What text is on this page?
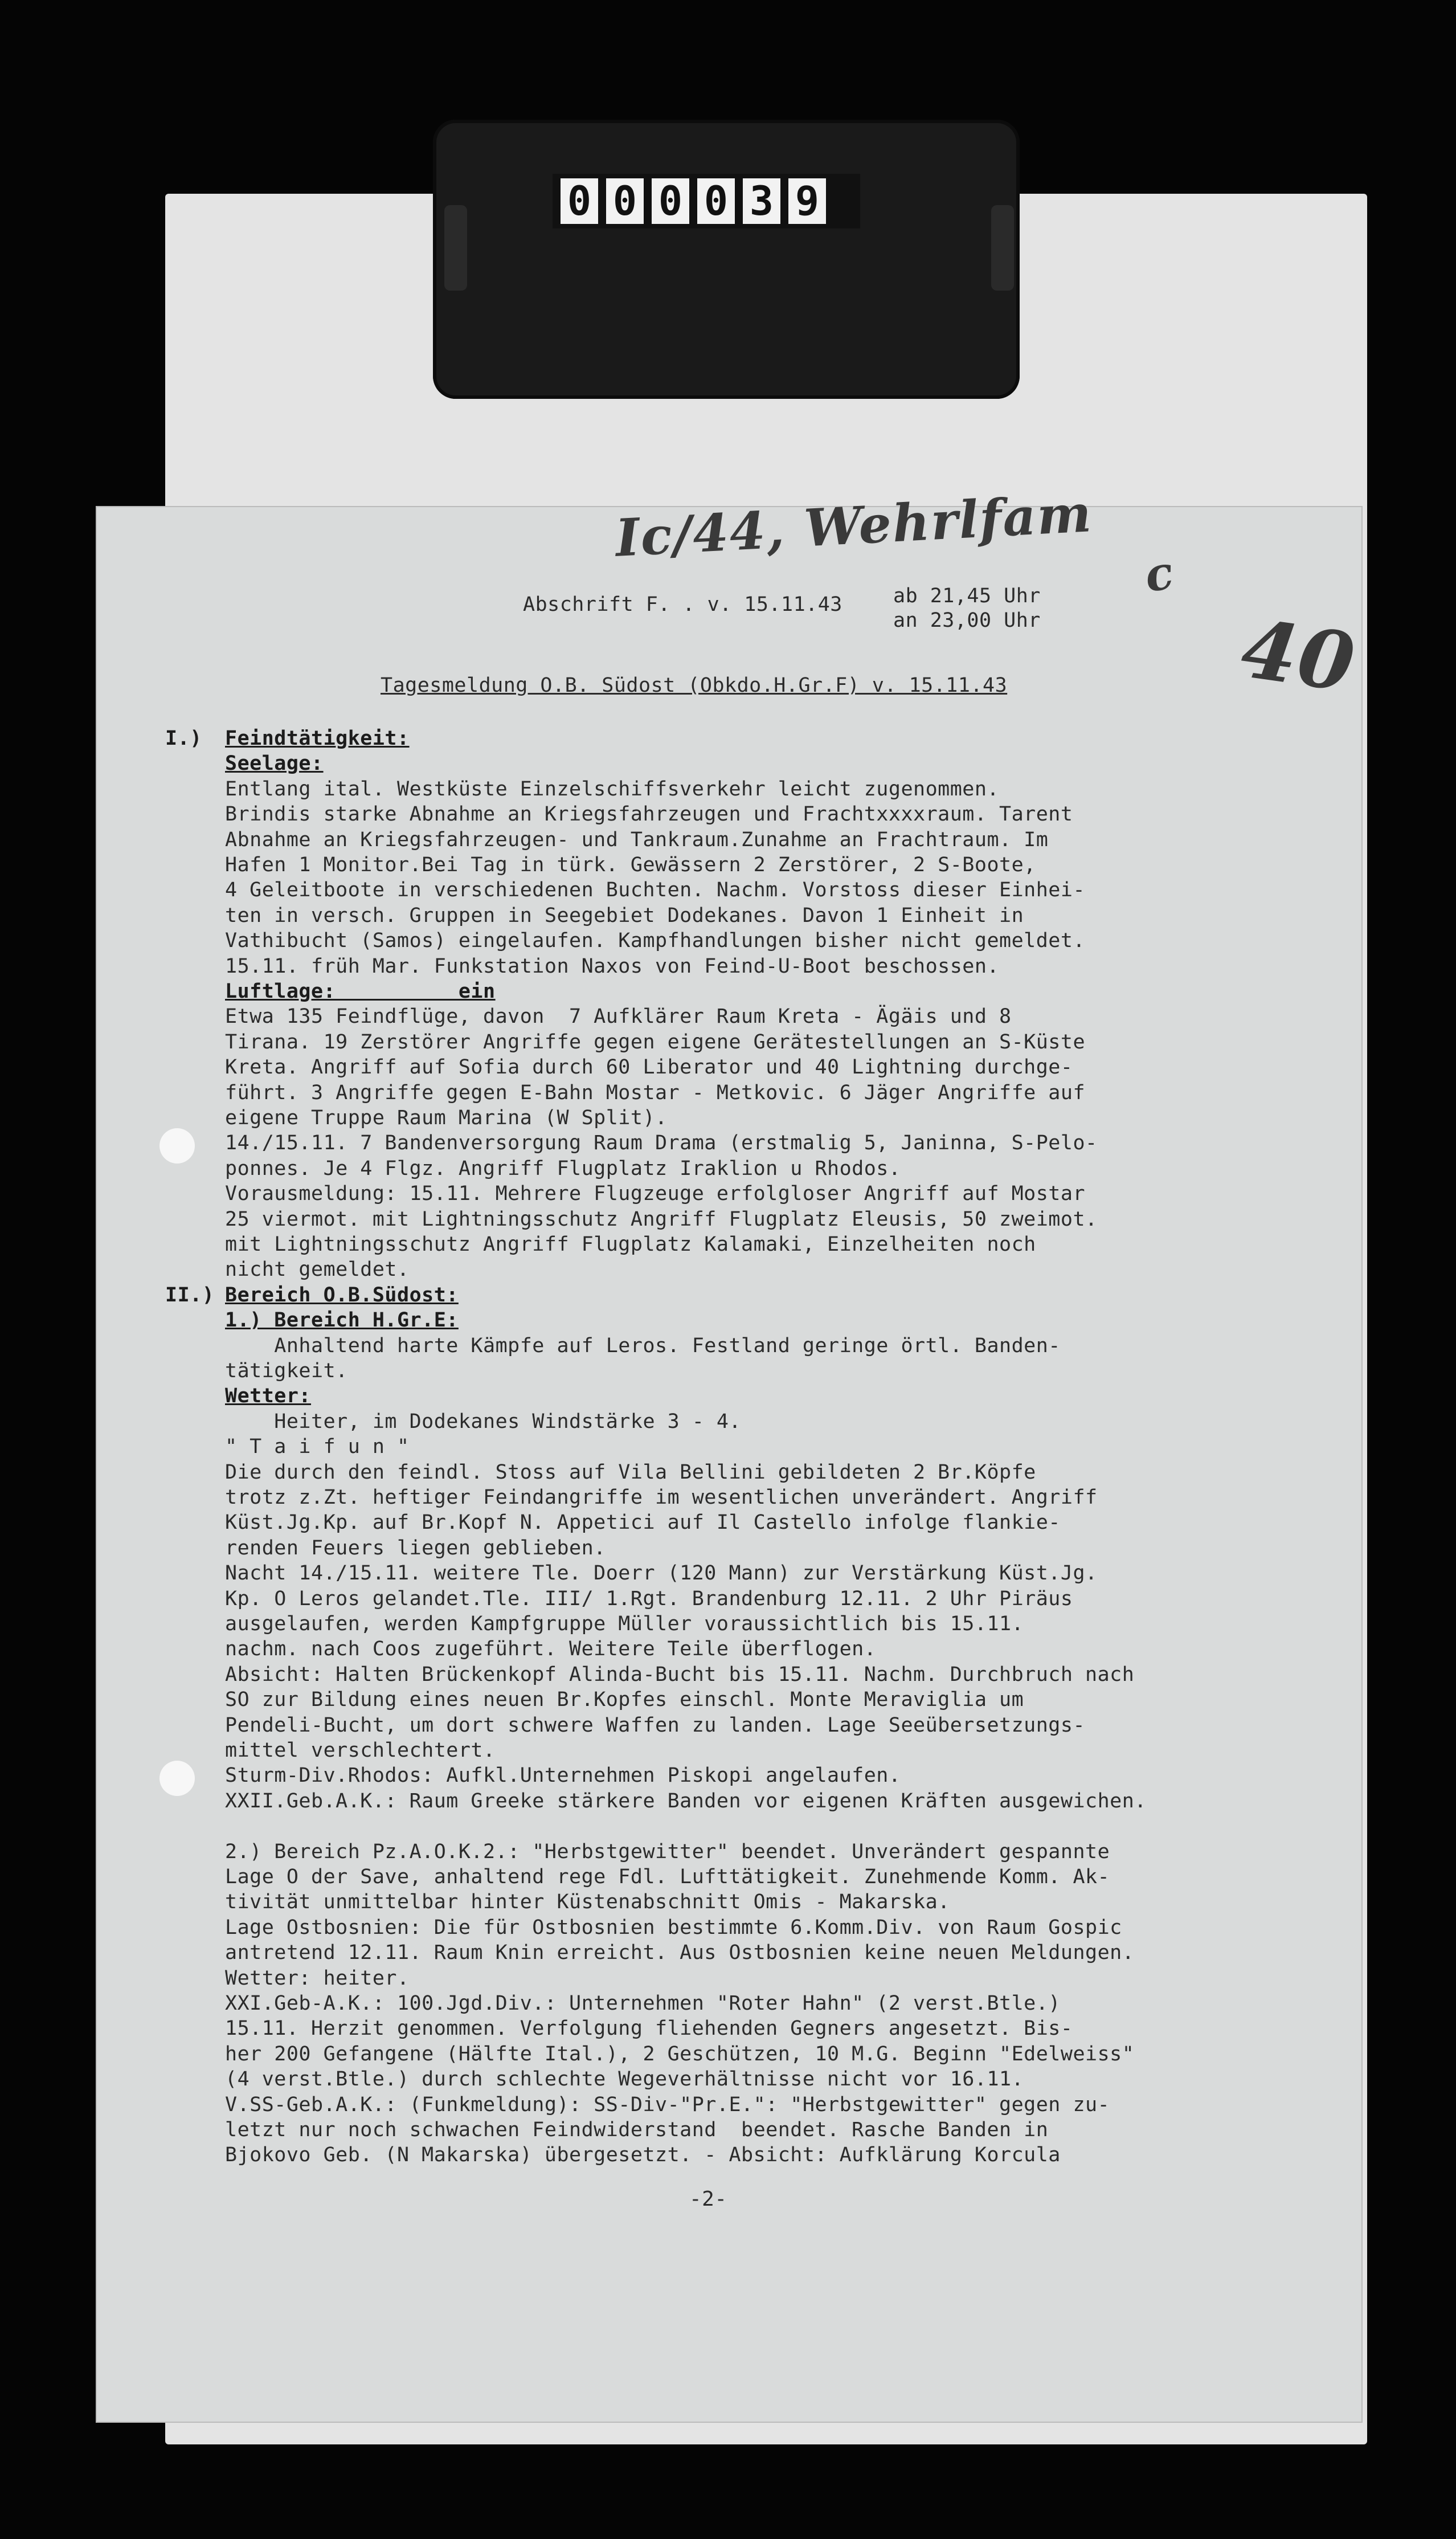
0 0 0 0 3 9
Ic/44, Wehrlfam
c
40
Abschrift F. . v. 15.11.43	ab 21,45 Uhr
an 23,00 Uhr
Tagesmeldung O.B. Südost (Obkdo.H.Gr.F) v. 15.11.43
I.) Feindtätigkeit:
Seelage:
Entlang ital. Westküste Einzelschiffsverkehr leicht zugenommen.
Brindis starke Abnahme an Kriegsfahrzeugen und Frachtxxxxraum. Tarent
Abnahme an Kriegsfahrzeugen- und Tankraum.Zunahme an Frachtraum. Im
Hafen 1 Monitor.Bei Tag in türk. Gewässern 2 Zerstörer, 2 S-Boote,
4 Geleitboote in verschiedenen Buchten. Nachm. Vorstoss dieser Einhei-
ten in versch. Gruppen in Seegebiet Dodekanes. Davon 1 Einheit in
Vathibucht (Samos) eingelaufen. Kampfhandlungen bisher nicht gemeldet.
15.11. früh Mar. Funkstation Naxos von Feind-U-Boot beschossen.
Luftlage:          ein
Etwa 135 Feindflüge, davon  7 Aufklärer Raum Kreta - Ägäis und 8
Tirana. 19 Zerstörer Angriffe gegen eigene Gerätestellungen an S-Küste
Kreta. Angriff auf Sofia durch 60 Liberator und 40 Lightning durchge-
führt. 3 Angriffe gegen E-Bahn Mostar - Metkovic. 6 Jäger Angriffe auf
eigene Truppe Raum Marina (W Split).
14./15.11. 7 Bandenversorgung Raum Drama (erstmalig 5, Janinna, S-Pelo-
ponnes. Je 4 Flgz. Angriff Flugplatz Iraklion u Rhodos.
Vorausmeldung: 15.11. Mehrere Flugzeuge erfolgloser Angriff auf Mostar
25 viermot. mit Lightningsschutz Angriff Flugplatz Eleusis, 50 zweimot.
mit Lightningsschutz Angriff Flugplatz Kalamaki, Einzelheiten noch
nicht gemeldet.
II.) Bereich O.B.Südost:
1.) Bereich H.Gr.E:
Anhaltend harte Kämpfe auf Leros. Festland geringe örtl. Banden-
tätigkeit.
Wetter:
Heiter, im Dodekanes Windstärke 3 - 4.
" T a i f u n "
Die durch den feindl. Stoss auf Vila Bellini gebildeten 2 Br.Köpfe
trotz z.Zt. heftiger Feindangriffe im wesentlichen unverändert. Angriff
Küst.Jg.Kp. auf Br.Kopf N. Appetici auf Il Castello infolge flankie-
renden Feuers liegen geblieben.
Nacht 14./15.11. weitere Tle. Doerr (120 Mann) zur Verstärkung Küst.Jg.
Kp. O Leros gelandet.Tle. III/ 1.Rgt. Brandenburg 12.11. 2 Uhr Piräus
ausgelaufen, werden Kampfgruppe Müller voraussichtlich bis 15.11.
nachm. nach Coos zugeführt. Weitere Teile überflogen.
Absicht: Halten Brückenkopf Alinda-Bucht bis 15.11. Nachm. Durchbruch nach
SO zur Bildung eines neuen Br.Kopfes einschl. Monte Meraviglia um
Pendeli-Bucht, um dort schwere Waffen zu landen. Lage Seeübersetzungs-
mittel verschlechtert.
Sturm-Div.Rhodos: Aufkl.Unternehmen Piskopi angelaufen.
XXII.Geb.A.K.: Raum Greeke stärkere Banden vor eigenen Kräften ausgewichen.
2.) Bereich Pz.A.O.K.2.: "Herbstgewitter" beendet. Unverändert gespannte
Lage O der Save, anhaltend rege Fdl. Lufttätigkeit. Zunehmende Komm. Ak-
tivität unmittelbar hinter Küstenabschnitt Omis - Makarska.
Lage Ostbosnien: Die für Ostbosnien bestimmte 6.Komm.Div. von Raum Gospic
antretend 12.11. Raum Knin erreicht. Aus Ostbosnien keine neuen Meldungen.
Wetter: heiter.
XXI.Geb-A.K.: 100.Jgd.Div.: Unternehmen "Roter Hahn" (2 verst.Btle.)
15.11. Herzit genommen. Verfolgung fliehenden Gegners angesetzt. Bis-
her 200 Gefangene (Hälfte Ital.), 2 Geschützen, 10 M.G. Beginn "Edelweiss"
(4 verst.Btle.) durch schlechte Wegeverhältnisse nicht vor 16.11.
V.SS-Geb.A.K.: (Funkmeldung): SS-Div-"Pr.E.": "Herbstgewitter" gegen zu-
letzt nur noch schwachen Feindwiderstand  beendet. Rasche Banden in
Bjokovo Geb. (N Makarska) übergesetzt. - Absicht: Aufklärung Korcula
-2-
